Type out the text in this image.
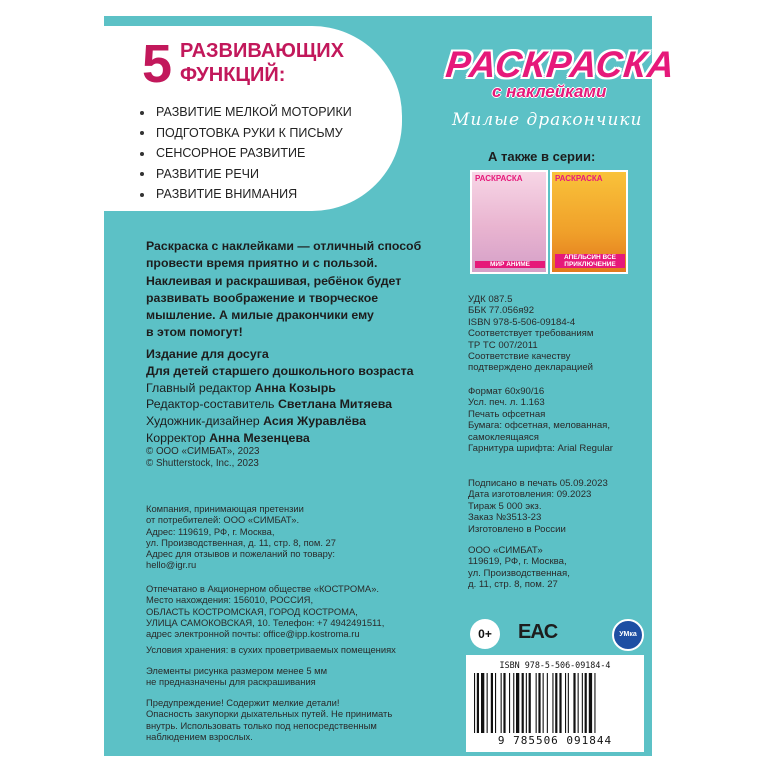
5 РАЗВИВАЮЩИХ
ФУНКЦИЙ:
РАЗВИТИЕ МЕЛКОЙ МОТОРИКИ
ПОДГОТОВКА РУКИ К ПИСЬМУ
СЕНСОРНОЕ РАЗВИТИЕ
РАЗВИТИЕ РЕЧИ
РАЗВИТИЕ ВНИМАНИЯ
РАСКРАСКА
с наклейками
Милые дракончики
А также в серии:
РАСКРАСКА
МИР АНИМЕ
РАСКРАСКА
АПЕЛЬСИН ВСЕ ПРИКЛЮЧЕНИЕ
Раскраска с наклейками — отличный способ
провести время приятно и с пользой.
Наклеивая и раскрашивая, ребёнок будет
развивать воображение и творческое
мышление. А милые дракончики ему
в этом помогут!
Издание для досуга
Для детей старшего дошкольного возраста
Главный редактор Анна Козырь
Редактор-составитель Светлана Митяева
Художник-дизайнер Асия Журавлёва
Корректор Анна Мезенцева
© ООО «СИМБАТ», 2023
© Shutterstock, Inc., 2023
Компания, принимающая претензии
от потребителей: ООО «СИМБАТ».
Адрес: 119619, РФ, г. Москва,
ул. Производственная, д. 11, стр. 8, пом. 27
Адрес для отзывов и пожеланий по товару:
hello@igr.ru
Отпечатано в Акционерном обществе «КОСТРОМА».
Место нахождения: 156010, РОССИЯ,
ОБЛАСТЬ КОСТРОМСКАЯ, ГОРОД КОСТРОМА,
УЛИЦА САМОКОВСКАЯ, 10. Телефон: +7 4942491511,
адрес электронной почты: office@ipp.kostroma.ru
Условия хранения: в сухих проветриваемых помещениях
Элементы рисунка размером менее 5 мм
не предназначены для раскрашивания
Предупреждение! Содержит мелкие детали!
Опасность закупорки дыхательных путей. Не принимать
внутрь. Использовать только под непосредственным
наблюдением взрослых.
УДК 087.5
ББК 77.056я92
ISBN 978-5-506-09184-4
Соответствует требованиям
ТР ТС 007/2011
Соответствие качеству
подтверждено декларацией
Формат 60х90/16
Усл. печ. л. 1.163
Печать офсетная
Бумага: офсетная, мелованная,
самоклеящаяся
Гарнитура шрифта: Arial Regular
Подписано в печать 05.09.2023
Дата изготовления: 09.2023
Тираж 5 000 экз.
Заказ №3513-23
Изготовлено в России
ООО «СИМБАТ»
119619, РФ, г. Москва,
ул. Производственная,
д. 11, стр. 8, пом. 27
0+	EAC	УМка
ISBN 978-5-506-09184-4
9 785506 091844
